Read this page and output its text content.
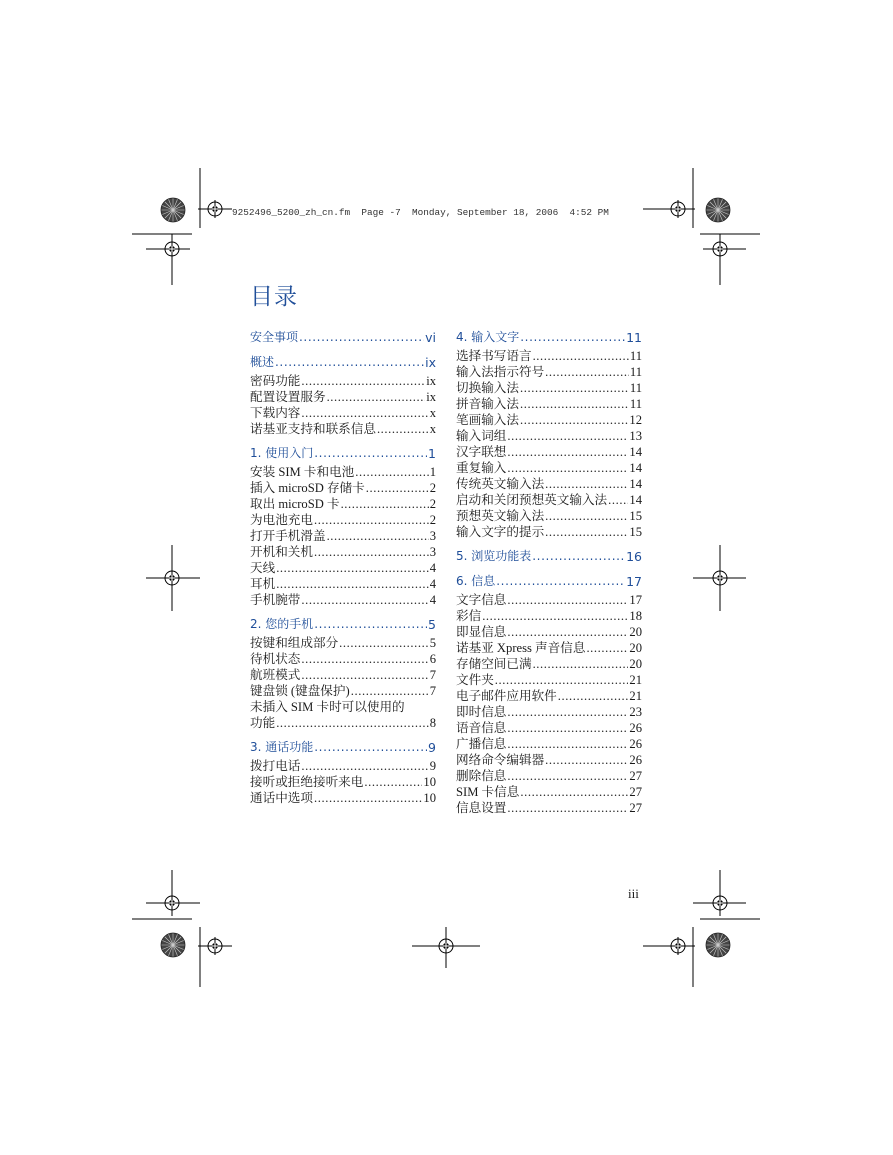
9252496_5200_zh_cn.fm  Page -7  Monday, September 18, 2006  4:52 PM
目录
安全事项 .....	vi
概述 .....	ix
密码功能 .....	ix
配置设置服务 .....	ix
下载内容 .....	x
诺基亚支持和联系信息 .....	x
1. 使用入门 .....	1
安装 SIM 卡和电池 .....	1
插入 microSD 存储卡 .....	2
取出 microSD 卡 .....	2
为电池充电 .....	2
打开手机滑盖 .....	3
开机和关机 .....	3
天线 .....	4
耳机 .....	4
手机腕带 .....	4
2. 您的手机 .....	5
按键和组成部分 .....	5
待机状态 .....	6
航班模式 .....	7
键盘锁 (键盘保护) .....	7
未插入 SIM 卡时可以使用的
功能 .....	8
3. 通话功能 .....	9
拨打电话 .....	9
接听或拒绝接听来电 .....	10
通话中选项 .....	10
4. 输入文字 .....	11
选择书写语言 .....	11
输入法指示符号 .....	11
切换输入法 .....	11
拼音输入法 .....	11
笔画输入法 .....	12
输入词组 .....	13
汉字联想 .....	14
重复输入 .....	14
传统英文输入法 .....	14
启动和关闭预想英文输入法 ..... 14
预想英文输入法 .....	15
输入文字的提示 .....	15
5. 浏览功能表 .....	16
6. 信息 .....	17
文字信息 .....	17
彩信 .....	18
即显信息 .....	20
诺基亚 Xpress 声音信息 .....	20
存储空间已满 .....	20
文件夹 .....	21
电子邮件应用软件 .....	21
即时信息 .....	23
语音信息 .....	26
广播信息 .....	26
网络命令编辑器 .....	26
删除信息 .....	27
SIM 卡信息 .....	27
信息设置 .....	27
iii
